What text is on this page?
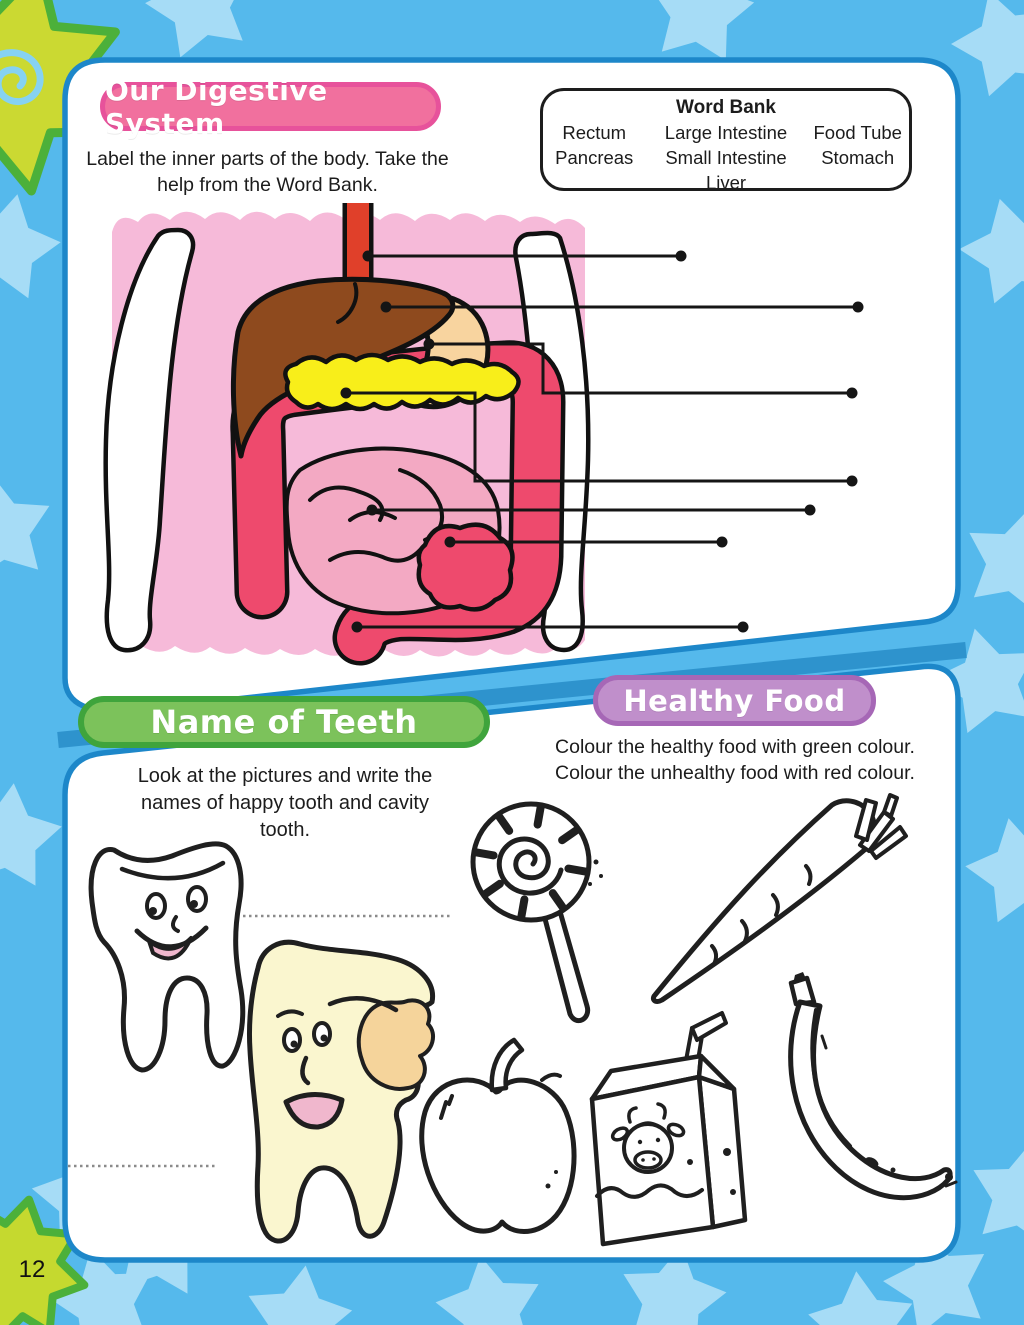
Our Digestive System	Word Bank
Rectum
Pancreas
Large Intestine
Small Intestine
Food Tube
Stomach
Liver
Label the inner parts of the body. Take the
help from the Word Bank.
Name of Teeth
Healthy Food
Look at the pictures and write the
names of happy tooth and cavity
tooth.
Colour the healthy food with green colour.
Colour the unhealthy food with red colour.
12
